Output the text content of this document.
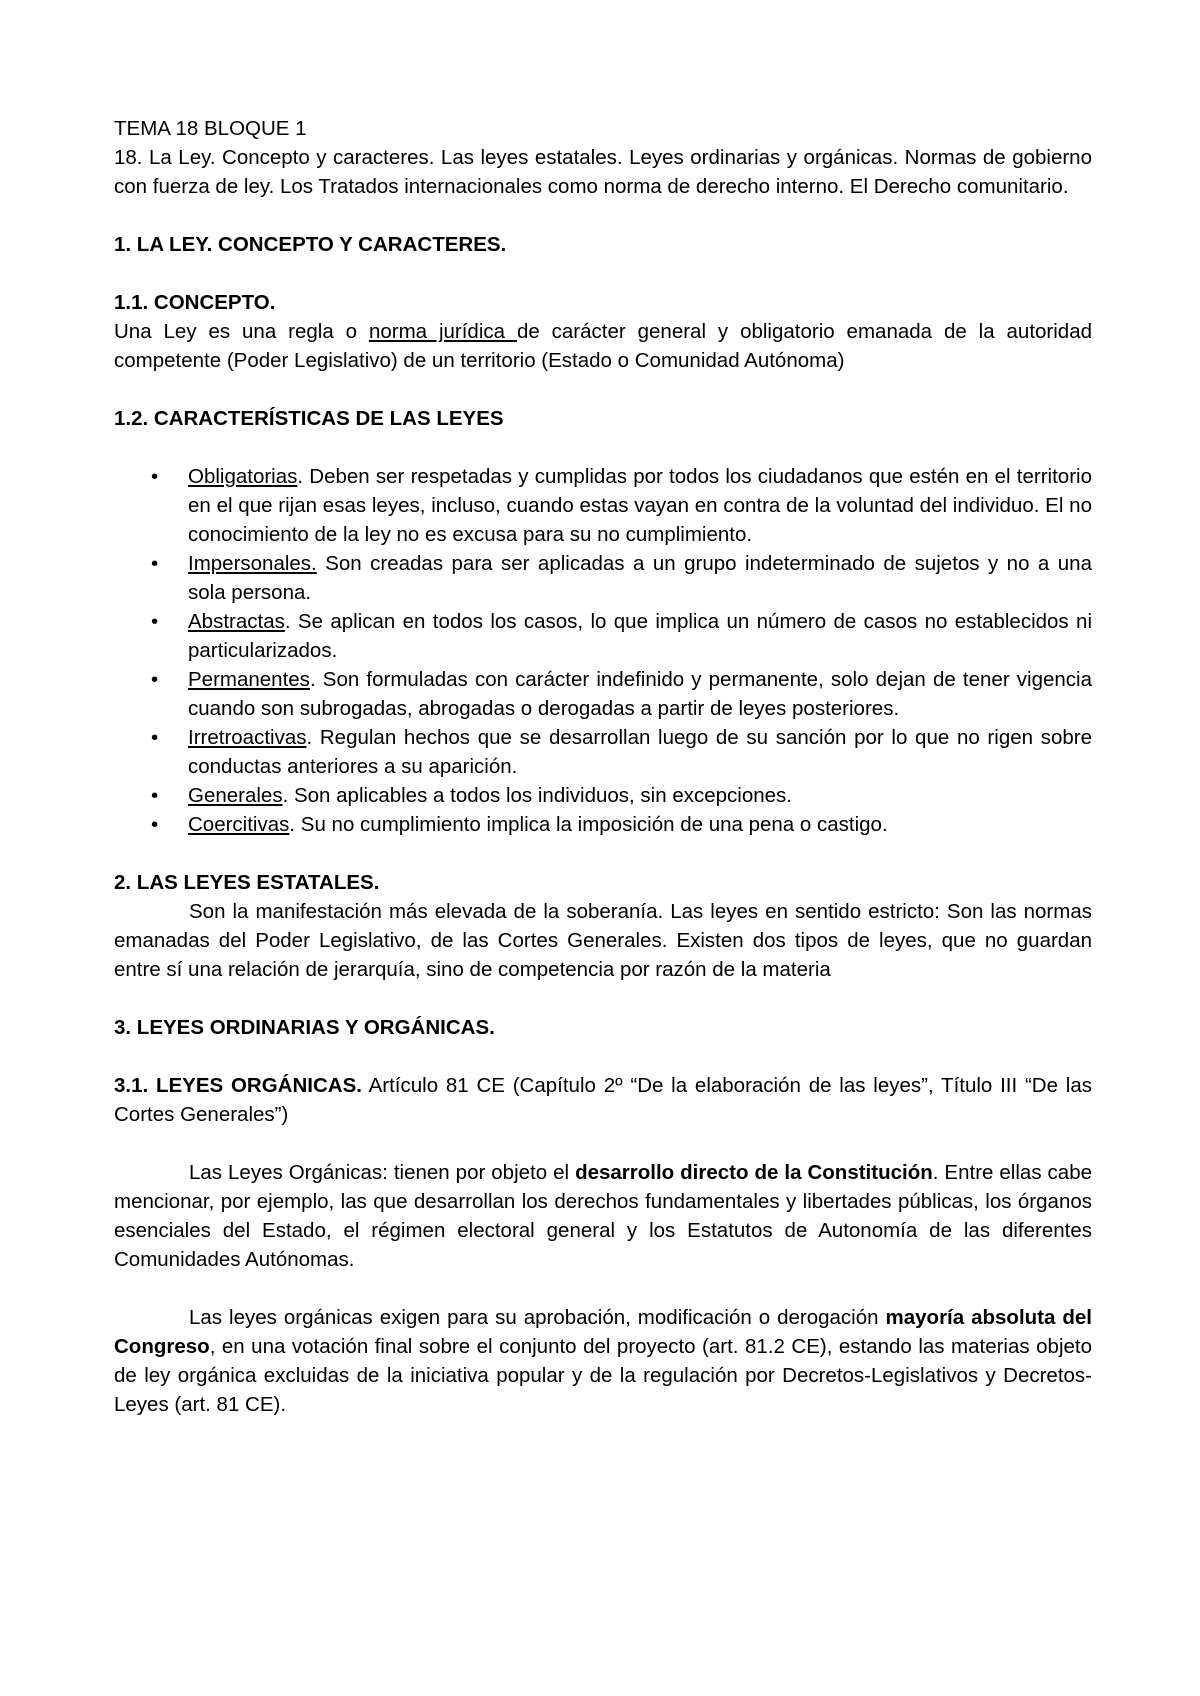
TEMA 18 BLOQUE 1

18. La Ley. Concepto y caracteres. Las leyes estatales. Leyes ordinarias y orgánicas. Normas de gobierno con fuerza de ley. Los Tratados internacionales como norma de derecho interno. El Derecho comunitario.

1. LA LEY. CONCEPTO Y CARACTERES.

1.1. CONCEPTO.

Una Ley es una regla o norma jurídica de carácter general y obligatorio emanada de la autoridad competente (Poder Legislativo) de un territorio (Estado o Comunidad Autónoma)

1.2. CARACTERÍSTICAS DE LAS LEYES

• Obligatorias. Deben ser respetadas y cumplidas por todos los ciudadanos que estén en el territorio en el que rijan esas leyes, incluso, cuando estas vayan en contra de la voluntad del individuo. El no conocimiento de la ley no es excusa para su no cumplimiento.
• Impersonales. Son creadas para ser aplicadas a un grupo indeterminado de sujetos y no a una sola persona.
• Abstractas. Se aplican en todos los casos, lo que implica un número de casos no establecidos ni particularizados.
• Permanentes. Son formuladas con carácter indefinido y permanente, solo dejan de tener vigencia cuando son subrogadas, abrogadas o derogadas a partir de leyes posteriores.
• Irretroactivas. Regulan hechos que se desarrollan luego de su sanción por lo que no rigen sobre conductas anteriores a su aparición.
• Generales. Son aplicables a todos los individuos, sin excepciones.
• Coercitivas. Su no cumplimiento implica la imposición de una pena o castigo.

2. LAS LEYES ESTATALES.

Son la manifestación más elevada de la soberanía. Las leyes en sentido estricto: Son las normas emanadas del Poder Legislativo, de las Cortes Generales. Existen dos tipos de leyes, que no guardan entre sí una relación de jerarquía, sino de competencia por razón de la materia

3. LEYES ORDINARIAS Y ORGÁNICAS.

3.1. LEYES ORGÁNICAS. Artículo 81 CE (Capítulo 2º “De la elaboración de las leyes”, Título III “De las Cortes Generales”)

Las Leyes Orgánicas: tienen por objeto el desarrollo directo de la Constitución. Entre ellas cabe mencionar, por ejemplo, las que desarrollan los derechos fundamentales y libertades públicas, los órganos esenciales del Estado, el régimen electoral general y los Estatutos de Autonomía de las diferentes Comunidades Autónomas.

Las leyes orgánicas exigen para su aprobación, modificación o derogación mayoría absoluta del Congreso, en una votación final sobre el conjunto del proyecto (art. 81.2 CE), estando las materias objeto de ley orgánica excluidas de la iniciativa popular y de la regulación por Decretos-Legislativos y Decretos-Leyes (art. 81 CE).
